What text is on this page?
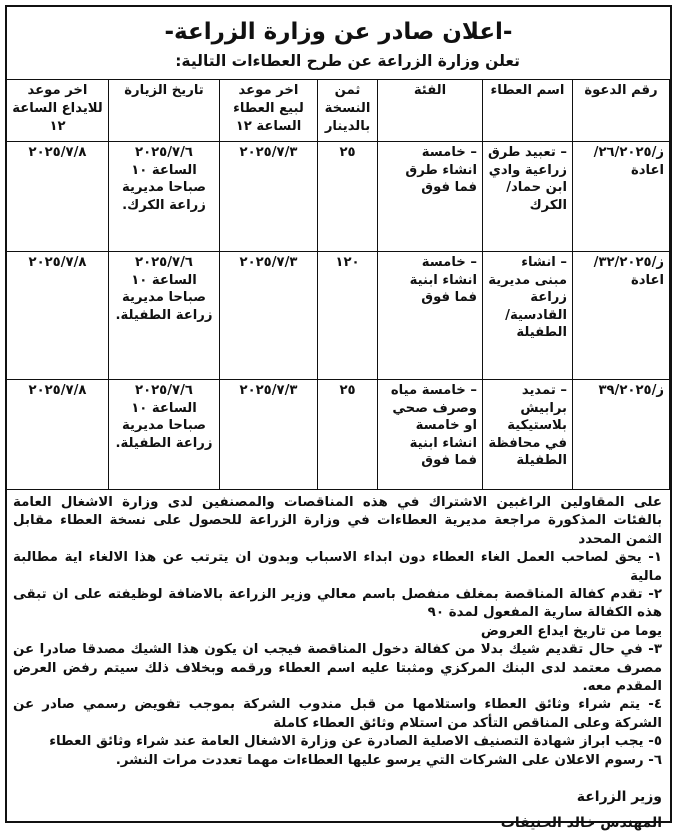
-اعلان صادر عن وزارة الزراعة-
تعلن وزارة الزراعة عن طرح العطاءات التالية:
رقم الدعوة	اسم العطاء	الفئة	ثمن النسخة بالدينار	اخر موعد لبيع العطاء الساعة ١٢	تاريخ الزيارة	اخر موعد للايداع الساعة ١٢
ز/٢٦/٢٠٢٥/ اعادة	– تعبيد طرق زراعية وادي ابن حماد/ الكرك	– خامسة انشاء طرق فما فوق	٢٥	٢٠٢٥/٧/٣	٢٠٢٥/٧/٦ الساعة ١٠ صباحا مديرية زراعة الكرك.	٢٠٢٥/٧/٨
ز/٣٢/٢٠٢٥/ اعادة	– انشاء مبنى مديرية زراعة القادسية/ الطفيلة	– خامسة انشاء ابنية فما فوق	١٢٠	٢٠٢٥/٧/٣	٢٠٢٥/٧/٦ الساعة ١٠ صباحا مديرية زراعة الطفيلة.	٢٠٢٥/٧/٨
ز/٣٩/٢٠٢٥	– تمديد برابيش بلاستيكية في محافظة الطفيلة	– خامسة مياه وصرف صحي او خامسة انشاء ابنية فما فوق	٢٥	٢٠٢٥/٧/٣	٢٠٢٥/٧/٦ الساعة ١٠ صباحا مديرية زراعة الطفيلة.	٢٠٢٥/٧/٨

على المقاولين الراغبين الاشتراك في هذه المناقصات والمصنفين لدى وزارة الاشغال العامة بالفئات المذكورة مراجعة مديرية العطاءات في وزارة الزراعة للحصول على نسخة العطاء مقابل الثمن المحدد

١- يحق لصاحب العمل الغاء العطاء دون ابداء الاسباب وبدون ان يترتب عن هذا الالغاء اية مطالبة مالية

٢- تقدم كفالة المناقصة بمغلف منفصل باسم معالي وزير الزراعة بالاضافة لوظيفته على ان تبقى هذه الكفالة سارية المفعول لمدة ٩٠

يوما من تاريخ ايداع العروض

٣- في حال تقديم شيك بدلا من كفالة دخول المناقصة فيجب ان يكون هذا الشيك مصدقا صادرا عن مصرف معتمد لدى البنك المركزي ومثبتا عليه اسم العطاء ورقمه وبخلاف ذلك سيتم رفض العرض المقدم معه.

٤- يتم شراء وثائق العطاء واستلامها من قبل مندوب الشركة بموجب تفويض رسمي صادر عن الشركة وعلى المناقص التأكد من استلام وثائق العطاء كاملة

٥- يجب ابراز شهادة التصنيف الاصلية الصادرة عن وزارة الاشغال العامة عند شراء وثائق العطاء

٦- رسوم الاعلان على الشركات التي يرسو عليها العطاءات مهما تعددت مرات النشر.

وزير الزراعة
المهندس خالد الحنيفات
